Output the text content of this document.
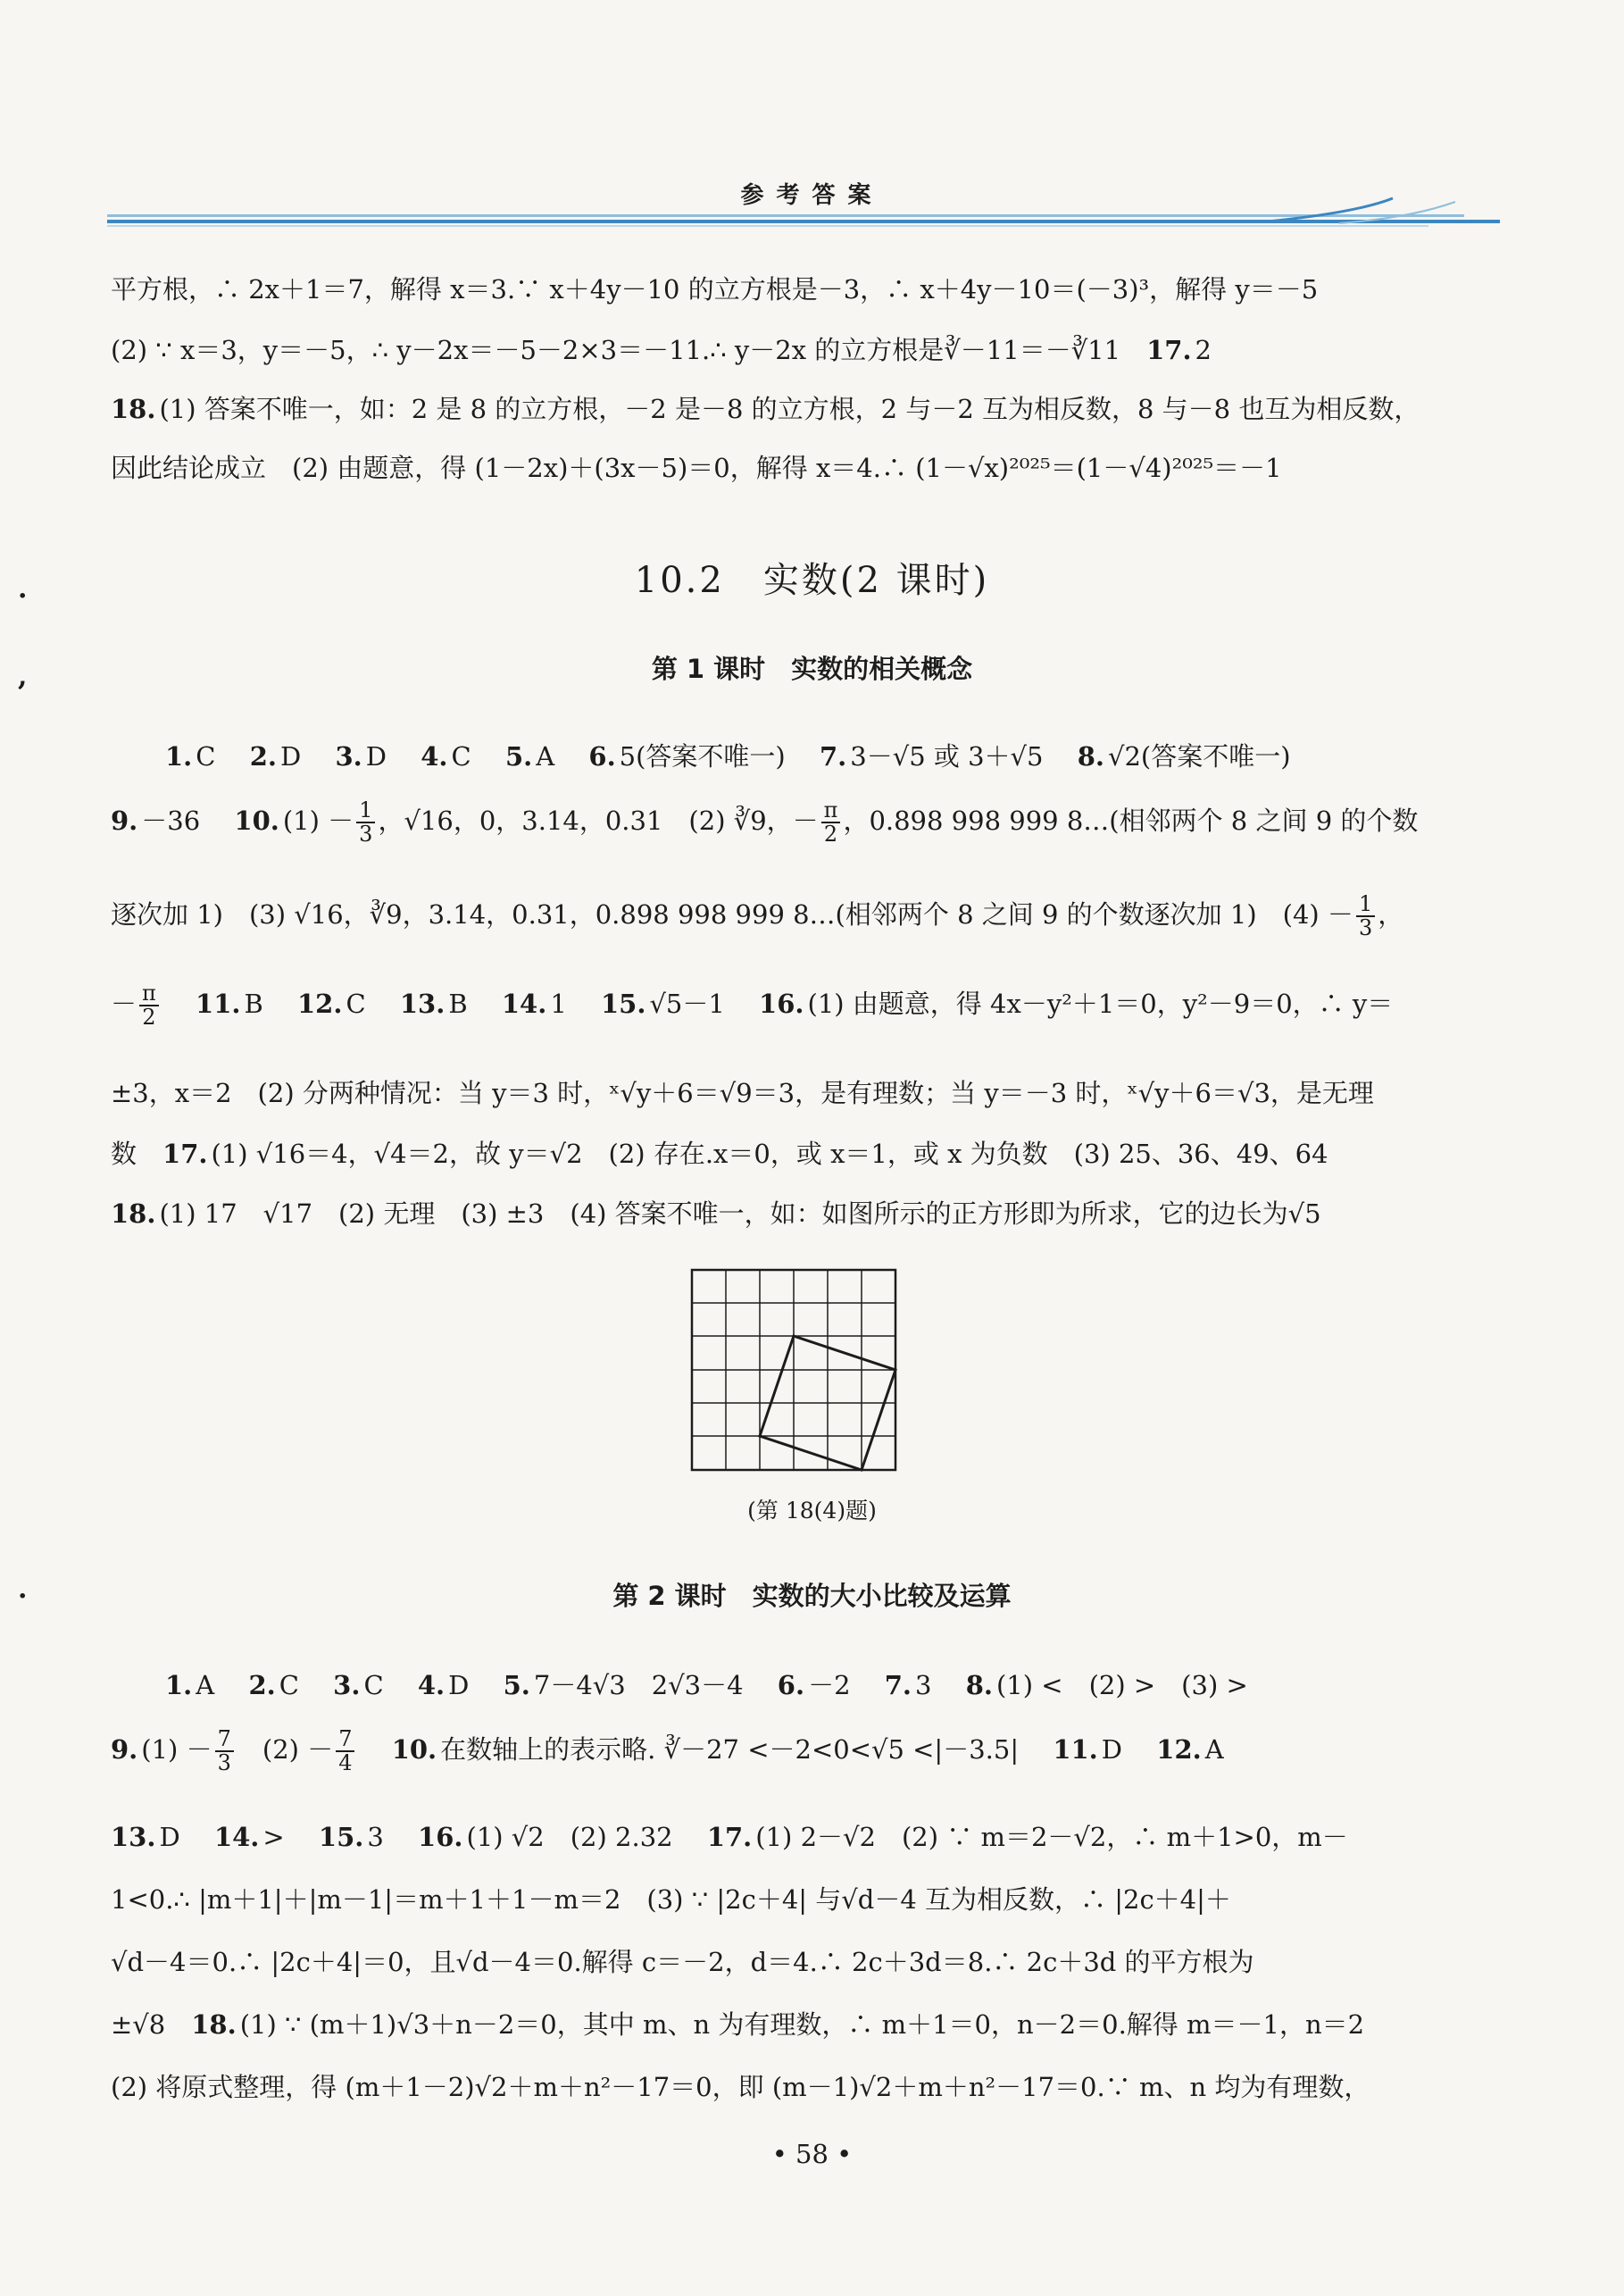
参考答案
平方根，∴ 2x＋1＝7，解得 x＝3.∵ x＋4y－10 的立方根是－3，∴ x＋4y－10＝(－3)³，解得 y＝－5
(2) ∵ x＝3，y＝－5，∴ y－2x＝－5－2×3＝－11.∴ y－2x 的立方根是∛－11＝－∛11　 17. 2
18. (1) 答案不唯一，如：2 是 8 的立方根，－2 是－8 的立方根，2 与－2 互为相反数，8 与－8 也互为相反数，
因此结论成立　(2) 由题意，得 (1－2x)＋(3x－5)＝0，解得 x＝4.∴ (1－√x)²⁰²⁵＝(1－√4)²⁰²⁵＝－1
·
,
10.2　实数(2 课时)
第 1 课时　实数的相关概念
1. C　 2. D　 3. D　 4. C　 5. A　 6. 5(答案不唯一)　 7. 3－√5 或 3＋√5　 8. √2(答案不唯一)
9. －36　 10. $(1) - \frac{1}{3}$ ，√16，0，3.14，0.31　(2) ∛9，－ $\frac{\pi}{2}$ ，0.898 998 999 8…(相邻两个 8 之间 9 的个数
逐次加 1)　(3) √16，∛9，3.14，0.31，0.898 998 999 8…(相邻两个 8 之间 9 的个数逐次加 1)　$(4) - \frac{1}{3}$ ，
－ $\frac{\pi}{2}$
　 11. B　 12. C　 13. B　 14. 1　 15. √5－1　 16. (1) 由题意，得 4x－y²＋1＝0，y²－9＝0，∴ y＝
±3，x＝2　(2) 分两种情况：当 y＝3 时，ˣ√y＋6＝√9＝3，是有理数；当 y＝－3 时，ˣ√y＋6＝√3，是无理
数　 17. (1) √16＝4，√4＝2，故 y＝√2　(2) 存在.x＝0，或 x＝1，或 x 为负数　(3) 25、36、49、64
18. (1) 17　√17　(2) 无理　(3) ±3　(4) 答案不唯一，如：如图所示的正方形即为所求，它的边长为√5
(第 18(4)题)
第 2 课时　实数的大小比较及运算
1. A　 2. C　 3. C　 4. D　 5. 7－4√3　2√3－4　 6. －2　 7. 3　 8. (1) <　(2) >　(3) >
9. $(1) - \frac{7}{3}$
　 $(2) - \frac{7}{4}$
　 10. 在数轴上的表示略. ∛－27 <－2<0<√5 <|－3.5|　 11. D　 12. A
13. D　 14. >　 15. 3　 16. (1) √2　(2) 2.32　 17. (1) 2－√2　(2) ∵ m＝2－√2，∴ m＋1>0，m－
1<0.∴ |m＋1|＋|m－1|＝m＋1＋1－m＝2　(3) ∵ |2c＋4| 与√d－4 互为相反数，∴ |2c＋4|＋
√d－4＝0.∴ |2c＋4|＝0，且√d－4＝0.解得 c＝－2，d＝4.∴ 2c＋3d＝8.∴ 2c＋3d 的平方根为
±√8　 18. (1) ∵ (m＋1)√3＋n－2＝0，其中 m、n 为有理数，∴ m＋1＝0，n－2＝0.解得 m＝－1，n＝2
(2) 将原式整理，得 (m＋1－2)√2＋m＋n²－17＝0，即 (m－1)√2＋m＋n²－17＝0.∵ m、n 均为有理数，
·
• 58 •
